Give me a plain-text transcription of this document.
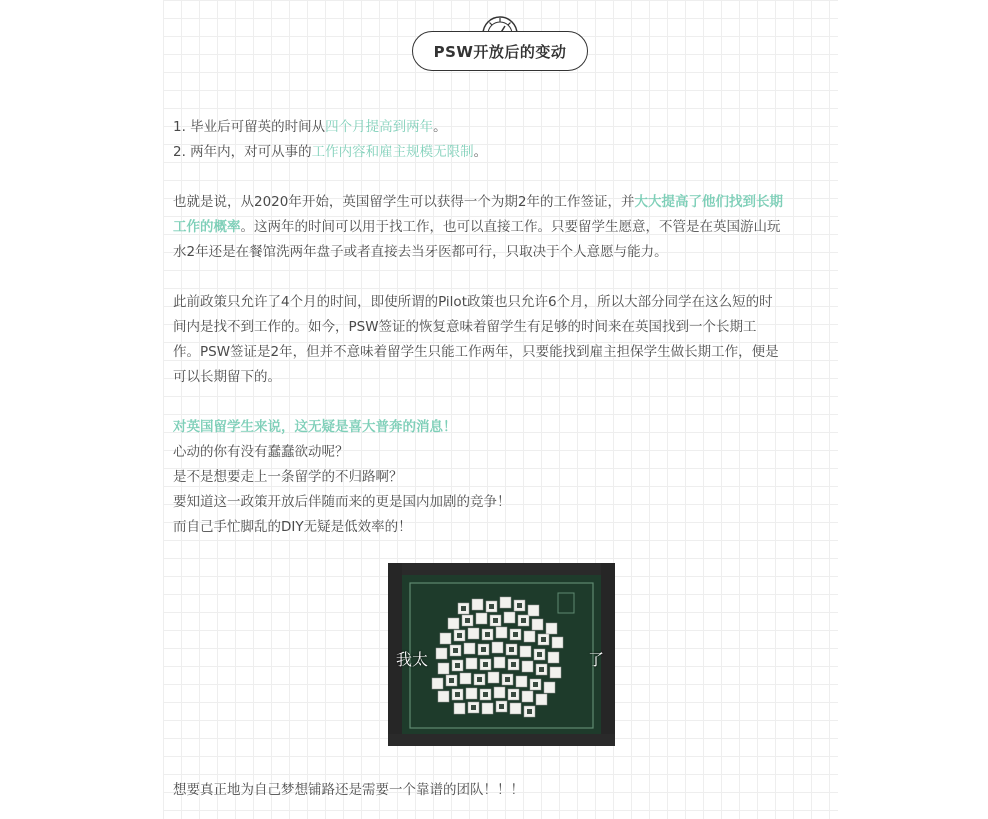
PSW开放后的变动
1. 毕业后可留英的时间从四个月提高到两年。
2. 两年内，对可从事的工作内容和雇主规模无限制。
也就是说，从2020年开始，英国留学生可以获得一个为期2年的工作签证，并大大提高了他们找到长期
工作的概率。这两年的时间可以用于找工作，也可以直接工作。只要留学生愿意，不管是在英国游山玩
水2年还是在餐馆洗两年盘子或者直接去当牙医都可行，只取决于个人意愿与能力。
此前政策只允许了4个月的时间，即使所谓的Pilot政策也只允许6个月，所以大部分同学在这么短的时
间内是找不到工作的。如今，PSW签证的恢复意味着留学生有足够的时间来在英国找到一个长期工
作。PSW签证是2年，但并不意味着留学生只能工作两年，只要能找到雇主担保学生做长期工作，便是
可以长期留下的。
对英国留学生来说，这无疑是喜大普奔的消息！
心动的你有没有蠢蠢欲动呢？
是不是想要走上一条留学的不归路啊？
要知道这一政策开放后伴随而来的更是国内加剧的竞争！
而自己手忙脚乱的DIY无疑是低效率的！
我太	了
想要真正地为自己梦想铺路还是需要一个靠谱的团队！！！
